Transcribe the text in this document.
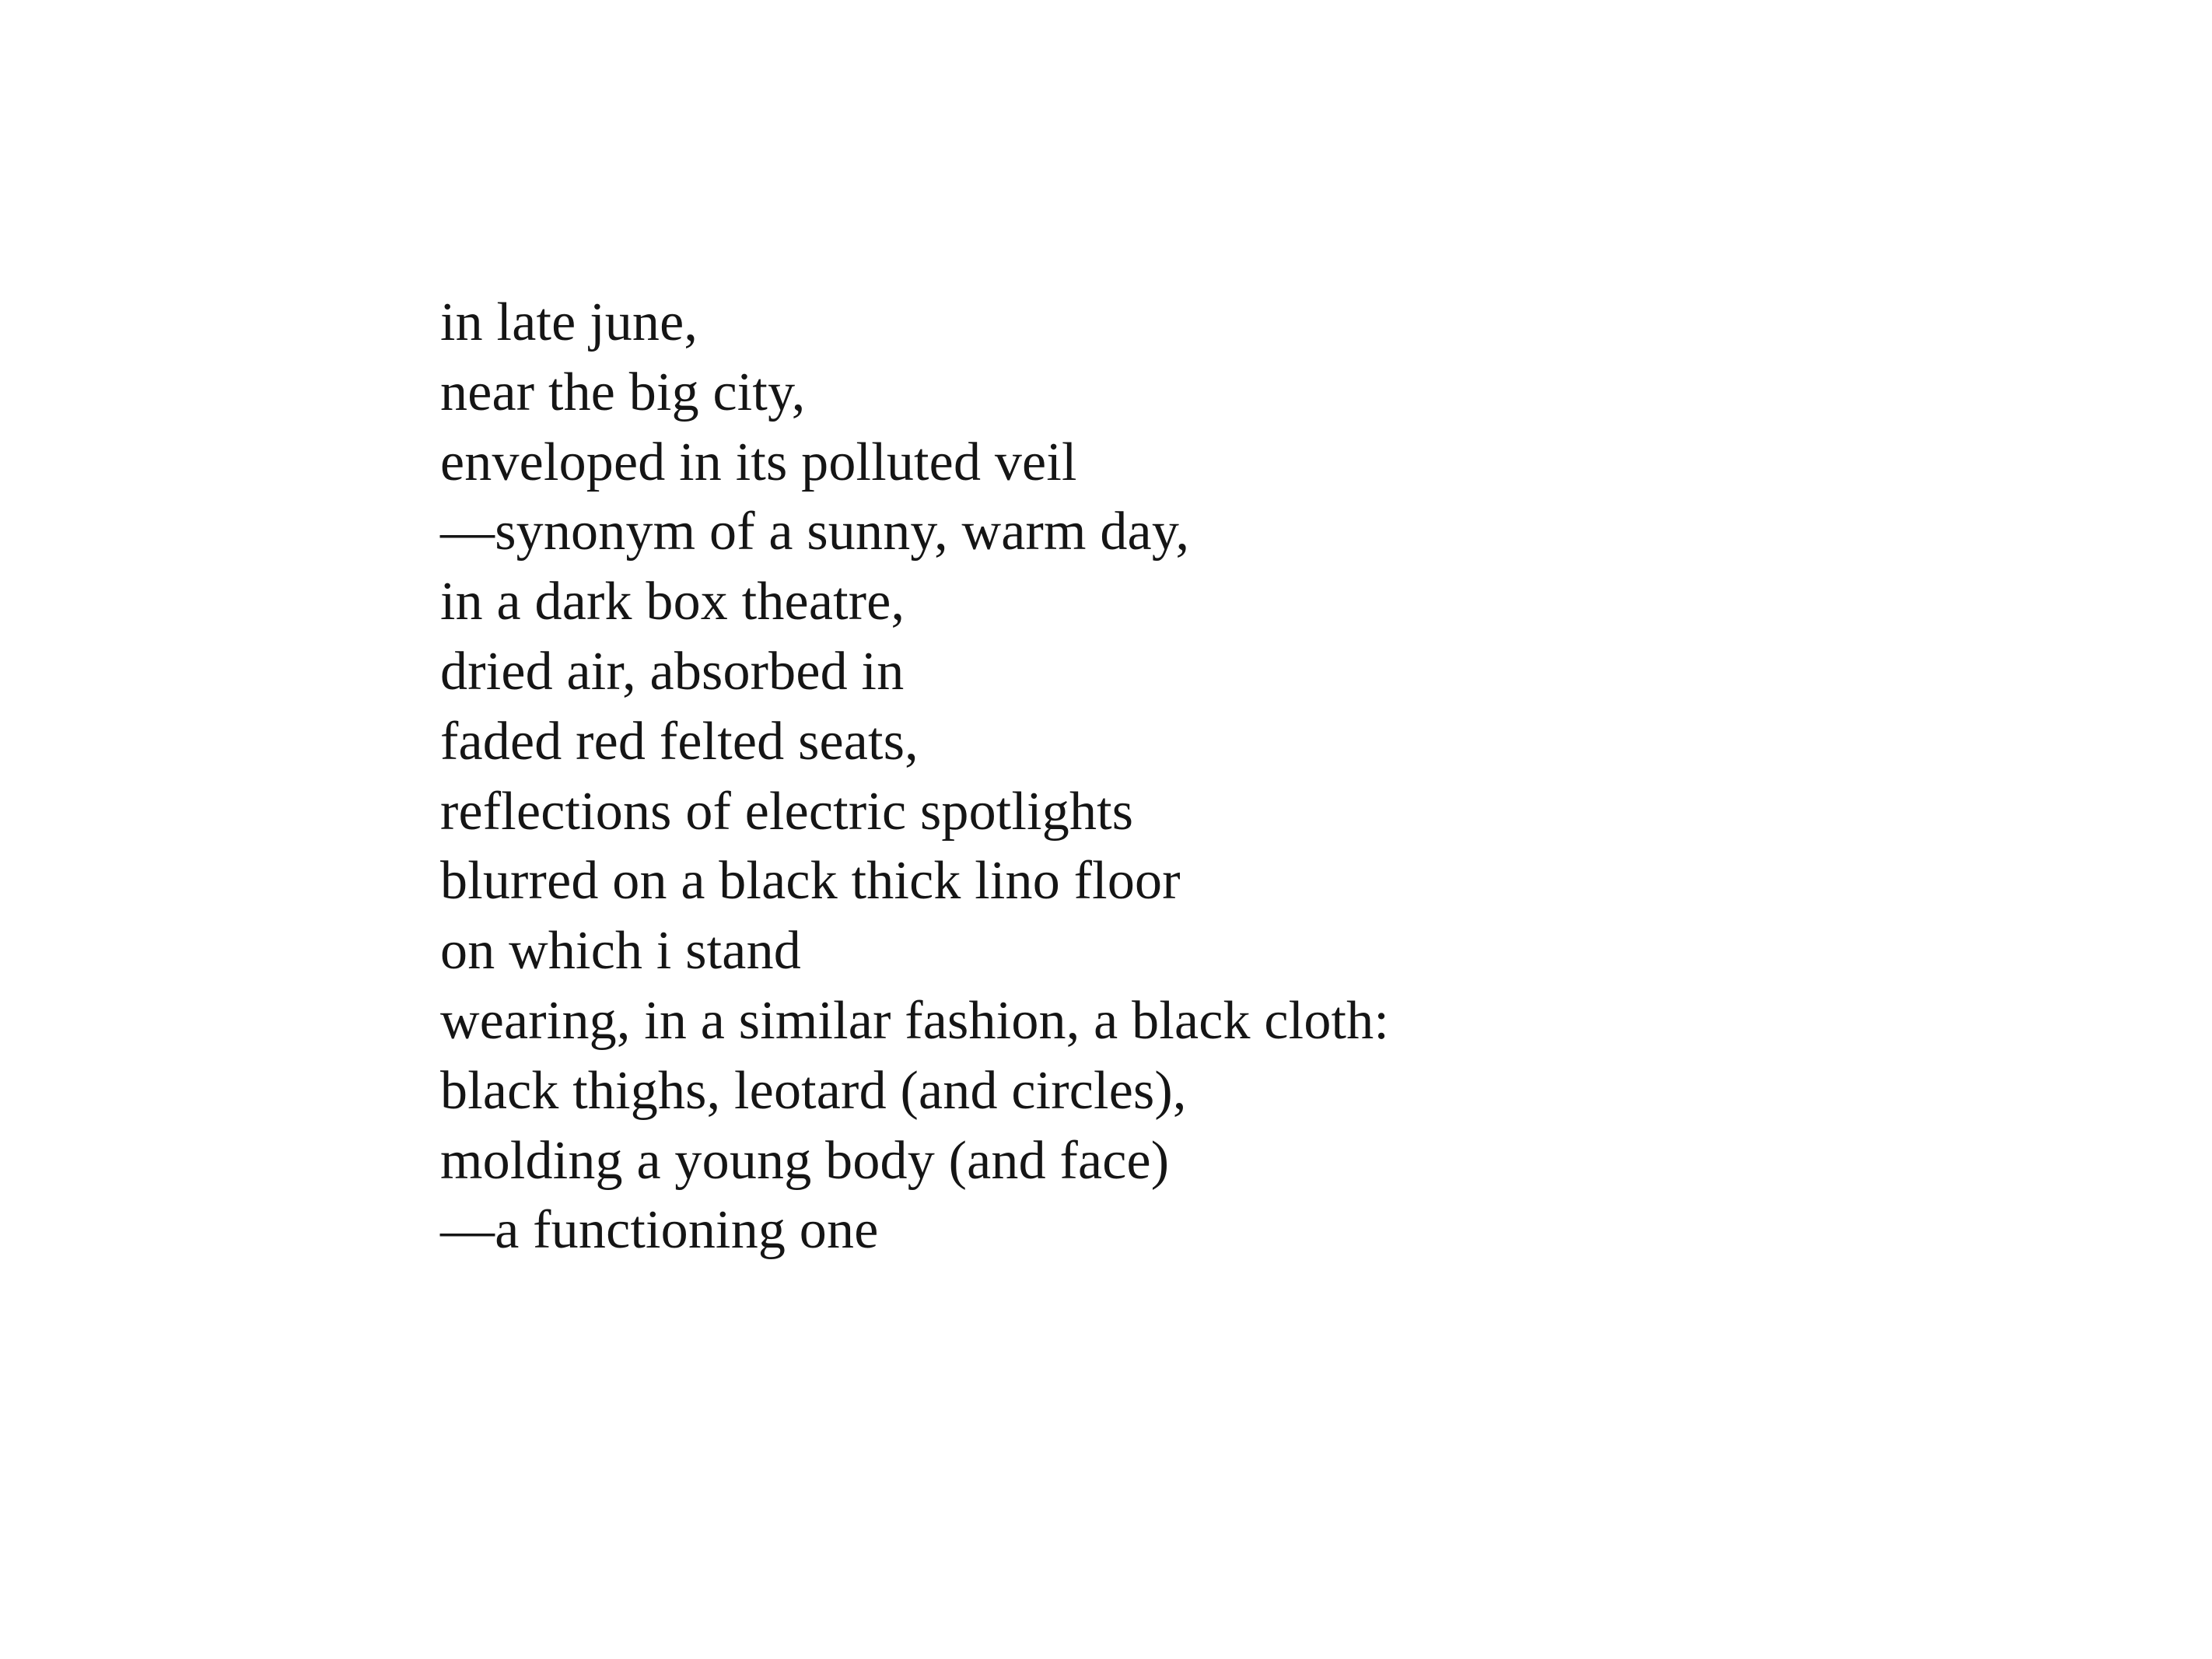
in late june,
near the big city,
enveloped in its polluted veil
—synonym of a sunny, warm day,
in a dark box theatre,
dried air, absorbed in
faded red felted seats,
reflections of electric spotlights
blurred on a black thick lino floor
on which i stand
wearing, in a similar fashion, a black cloth:
black thighs, leotard (and circles),
molding a young body (and face)
—a functioning one
